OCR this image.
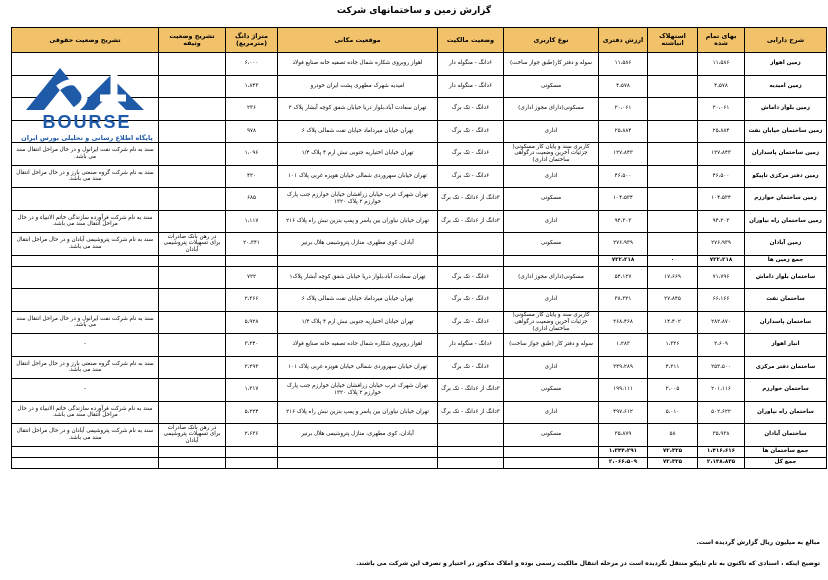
گزارش زمین و ساختمانهای شرکت
شرح دارایی	بهای تمام شده	استهلاک انباشته	ارزش دفتری	نوع کاربری	وضعیت مالکیت	موقعیت مکانی	متراژ دانگ (مترمربع)	تشریح وضعیت وثیقه	تشریح وضعیت حقوقی
زمین اهواز	۱۱،۵۸۶		۱۱،۵۸۶	سوله و دفتر کار(طبق جواز ساخت)	۶دانگ - منگوله دار	اهواز روبروی شکاره شمال جاده تصفیه خانه صنایع فولاد	۶،۰۰۰		
زمین امیدیه	۴،۵۷۸		۴،۵۷۸	مسکونی	۶دانگ - منگوله دار	امیدیه شهرک مطهری پشت ایران خودرو	۱،۸۴۳		
زمین بلوار داماش	۲۰،۰۶۱		۲۰،۰۶۱	مسکونی(دارای مجوز اداری)	۶دانگ - تک برگ	تهران سعادت آباد،بلوار دریا خیابان شفق کوچه آبشار پلاک ۲	۲۳۶		
زمین ساختمان خیابان نفت	۲۵،۸۸۴		۲۵،۸۸۴	اداری	۶دانگ - تک برگ	تهران خیابان میرداماد خیابان نفت شمالی پلاک ۶	۹۷۸		
زمین ساختمان پاسداران	۱۲۷،۸۴۳		۱۲۷،۸۴۳	کاربری سند و پایان کار مسکونی( جزئیات آخرین وضعیت درگواهی ساختمان اداری)	۶دانگ - تک برگ	تهران خیابان اختیاریه جنوبی نبش ارم ۴ پلاک ۱/۴	۱،۰۹۶		سند به نام شرکت نفت ایرانول و در حال مراحل انتقال سند می باشد.
زمین دفتر مرکزی تاپیکو	۴۶،۵۰۰		۴۶،۵۰۰	اداری	۶دانگ - تک برگ	تهران خیابان سهروردی شمالی خیابان هویزه غربی پلاک ۱۰۱	۴۲۰		سند به نام شرکت گروه صنعتی بارز و در حال مراحل انتقال سند می باشد.
زمین ساختمان خوارزم	۱۰۴،۵۳۴		۱۰۴،۵۳۴	مسکونی	۳دانگ از ۶دانگ - تک برگ	تهران شهرک غرب خیابان زرافشان خیابان خوارزم جنب پارک خوارزم ۲ پلاک ۱۳۲۰	۶۸۵		
زمین ساختمان راه نیاوران	۹۴،۳۰۳		۹۴،۳۰۳	اداری	۳دانگ از ۶دانگ - تک برگ	تهران خیابان نیاوران بین یاسر و پمپ بنزین نبش راه پلاک ۲۱۶	۱،۱۱۷		سند به نام شرکت فرآورده سازندگی خاتم الانبیاء و در حال مراحل انتقال سند می باشد.
زمین آبادان	۲۷۶،۹۳۹		۲۷۶،۹۳۹	مسکونی		آبادان، کوی مطهری، منازل پتروشیمی هلال برنیر	۲۰،۳۴۱	در رهن بانک صادرات برای تسهیلات پتروشیمی آبادان	سند به نام شرکت پتروشیمی آبادان و در حال مراحل انتقال سند می باشد.
جمع زمین ها	۷۲۲،۲۱۸	۰	۷۲۲،۲۱۸						
ساختمان بلوار داماش	۷۱،۷۹۶	۱۷،۶۶۹	۵۴،۱۲۷	مسکونی(دارای مجوز اداری)	۶دانگ - تک برگ	تهران سعادت آباد،بلوار دریا خیابان شفق کوچه آبشار پلاک۱	۷۲۲		
ساختمان نفت	۶۶،۱۶۶	۲۷،۸۴۵	۳۸،۳۲۱	اداری	۶دانگ - تک برگ	تهران خیابان میرداماد خیابان نفت شمالی پلاک ۶	۲،۳۶۶		
ساختمان پاسداران	۲۸۲،۸۷۰	۱۴،۴۰۲	۲۶۸،۴۶۸	کاربری سند و پایان کار مسکونی( جزئیات آخرین وضعیت درگواهی ساختمان اداری)	۶دانگ - تک برگ	تهران خیابان اختیاریه جنوبی نبش ارم ۴ پلاک ۱/۴	۵،۹۲۸		سند به نام شرکت نفت ایرانول و در حال مراحل انتقال سند می باشد.
انبار اهواز	۲،۶۰۹	۱،۳۲۶	۱،۲۸۳	سوله و دفتر کار (طبق جواز ساخت)	۶دانگ - منگوله دار	اهواز روبروی شکاره شمال جاده تصفیه خانه صنایع فولاد	۳،۲۴۰		-
ساختمان دفتر مرکزی	۲۵۳،۵۰۰	۴،۲۱۱	۲۴۹،۲۸۹	اداری	۶دانگ - تک برگ	تهران خیابان سهروردی شمالی خیابان هویزه غربی پلاک ۱۰۱	۲،۲۹۳		سند به نام شرکت گروه صنعتی بارز و در حال مراحل انتقال سند می باشد.
ساختمان خوارزم	۲۰۱،۱۱۶	۲،۰۰۵	۱۹۹،۱۱۱	مسکونی	۳دانگ از ۶دانگ - تک برگ	تهران شهرک غرب خیابان زرافشان خیابان خوارزم جنب پارک خوارزم ۲ پلاک ۱۳۲۰	۱،۳۱۷		-
ساختمان راه نیاوران	۵۰۲،۶۲۲	۵،۰۱۰	۴۹۷،۶۱۲	اداری	۳دانگ از ۶دانگ - تک برگ	تهران خیابان نیاوران بین یاسر و پمپ بنزین نبش راه پلاک ۲۱۶	۵،۲۲۴		سند به نام شرکت فرآورده سازندگی خاتم الانبیاء و در حال مراحل انتقال سند می باشد.
ساختمان آبادان	۳۵،۹۳۸	۵۸	۳۵،۸۷۹	مسکونی		آبادان، کوی مطهری، منازل پتروشیمی هلال برنیر	۲،۶۳۶	در رهن بانک صادرات برای تسهیلات پتروشیمی آبادان	سند به نام شرکت پتروشیمی آبادان و در حال مراحل انتقال سند می باشد.
جمع ساختمان ها	۱،۴۱۶،۶۱۶	۷۲،۳۲۵	۱،۳۴۴،۲۹۱						
جمع کل	۲،۱۳۸،۸۳۵	۷۲،۳۲۵	۲،۰۶۶،۵۰۹						
BOURSE
پایگاه اطلاع رسانی و تحلیلی بورس ایران
مبالغ به میلیون ریال گزارش گردیده است.
توضیح اینکه ، اسنادی که تاکنون به نام تاپیکو منتقل نگردیده است در مرحله انتقال مالکیت رسمی بوده و املاک مذکور در اختیار و تصرف این شرکت می باشند.
